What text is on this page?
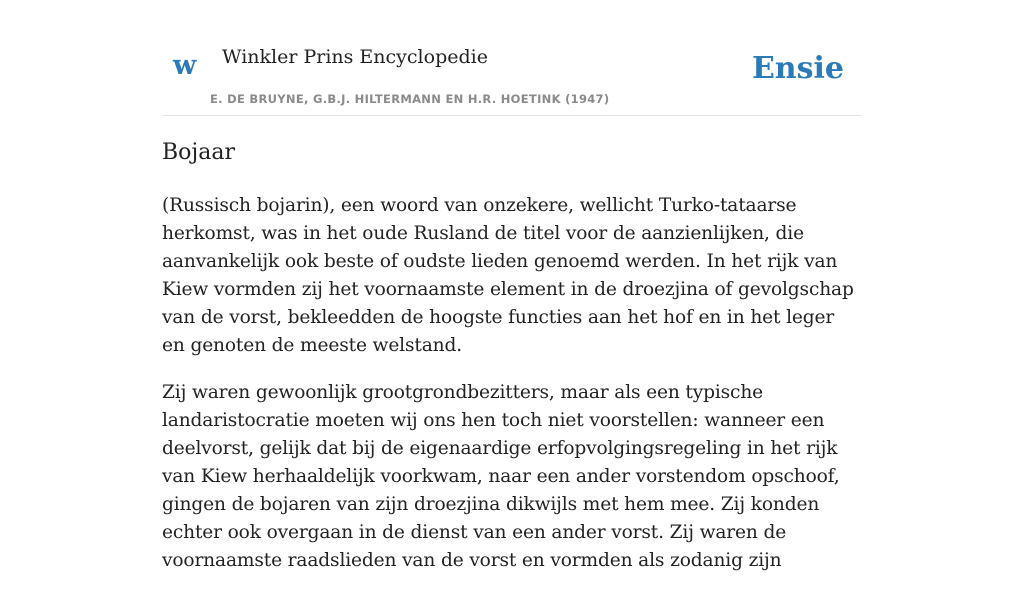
w Winkler Prins Encyclopedie
E. DE BRUYNE, G.B.J. HILTERMANN EN H.R. HOETINK (1947)
Ensie
Bojaar

(Russisch bojarin), een woord van onzekere, wellicht Turko-tataarse herkomst, was in het oude Rusland de titel voor de aanzienlijken, die aanvankelijk ook beste of oudste lieden genoemd werden. In het rijk van Kiew vormden zij het voornaamste element in de droezjina of gevolgschap van de vorst, bekleedden de hoogste functies aan het hof en in het leger en genoten de meeste welstand.

Zij waren gewoonlijk grootgrondbezitters, maar als een typische landaristocratie moeten wij ons hen toch niet voorstellen: wanneer een deelvorst, gelijk dat bij de eigenaardige erfopvolgingsregeling in het rijk van Kiew herhaaldelijk voorkwam, naar een ander vorstendom opschoof, gingen de bojaren van zijn droezjina dikwijls met hem mee. Zij konden echter ook overgaan in de dienst van een ander vorst. Zij waren de voornaamste raadslieden van de vorst en vormden als zodanig zijn
